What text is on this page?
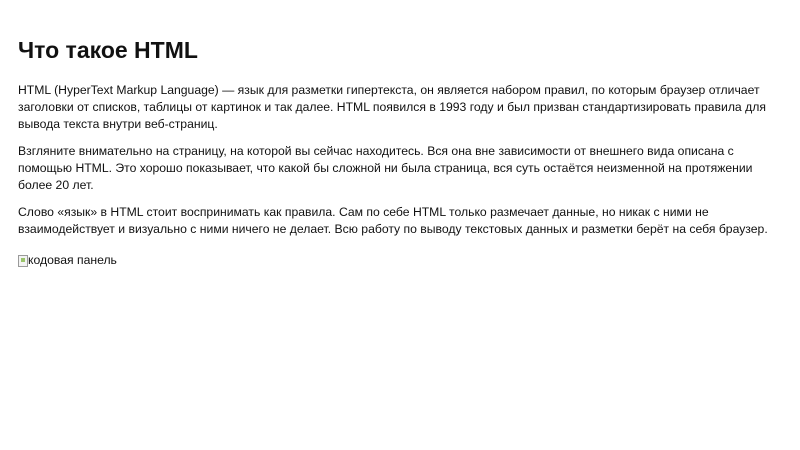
Что такое HTML

HTML (HyperText Markup Language) — язык для разметки гипертекста, он является набором правил, по которым браузер отличает заголовки от списков, таблицы от картинок и так далее. HTML появился в 1993 году и был призван стандартизировать правила для вывода текста внутри веб-страниц.

Взгляните внимательно на страницу, на которой вы сейчас находитесь. Вся она вне зависимости от внешнего вида описана с помощью HTML. Это хорошо показывает, что какой бы сложной ни была страница, вся суть остаётся неизменной на протяжении более 20 лет.

Слово «язык» в HTML стоит воспринимать как правила. Сам по себе HTML только размечает данные, но никак с ними не взаимодействует и визуально с ними ничего не делает. Всю работу по выводу текстовых данных и разметки берёт на себя браузер.

кодовая панель
